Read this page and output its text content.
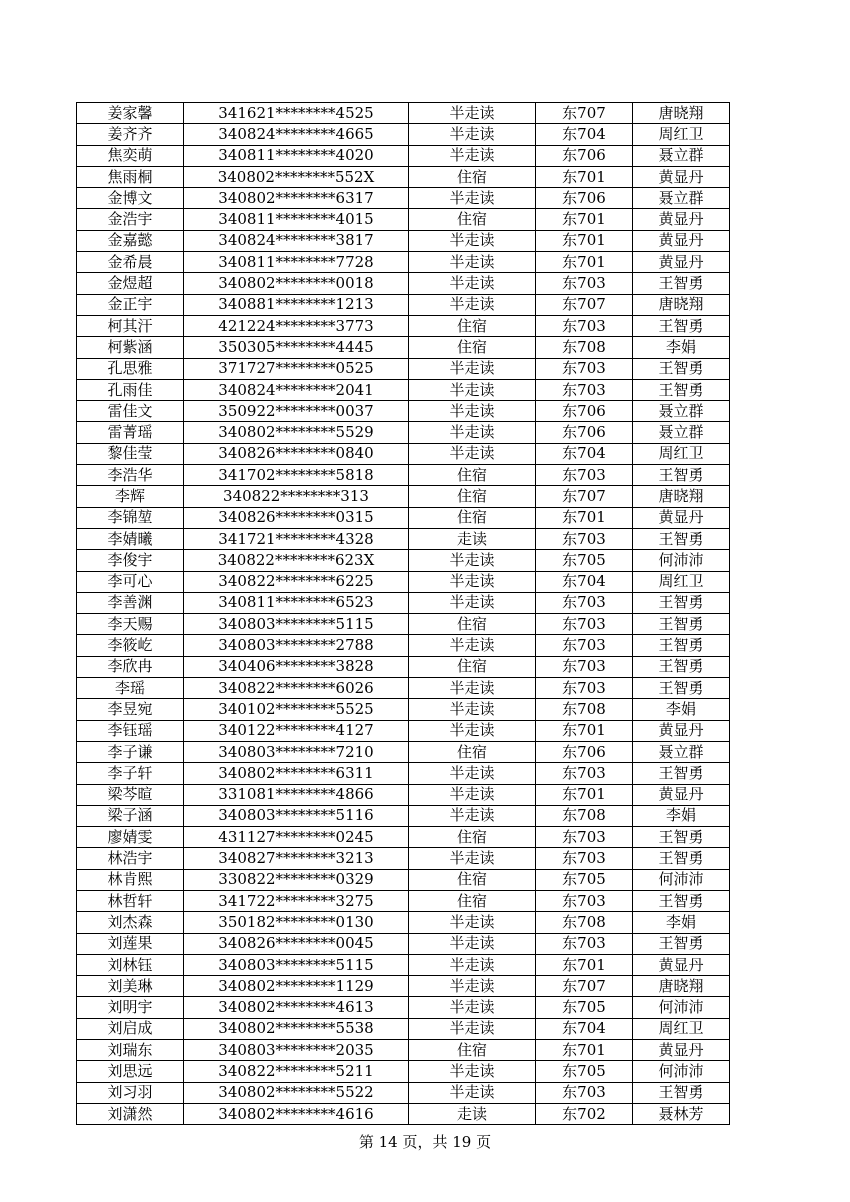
姜家馨	341621********4525	半走读	东707	唐晓翔
姜齐齐	340824********4665	半走读	东704	周红卫
焦奕萌	340811********4020	半走读	东706	聂立群
焦雨桐	340802********552X	住宿	东701	黄显丹
金博文	340802********6317	半走读	东706	聂立群
金浩宇	340811********4015	住宿	东701	黄显丹
金嘉懿	340824********3817	半走读	东701	黄显丹
金希晨	340811********7728	半走读	东701	黄显丹
金煜超	340802********0018	半走读	东703	王智勇
金正宇	340881********1213	半走读	东707	唐晓翔
柯其汗	421224********3773	住宿	东703	王智勇
柯紫涵	350305********4445	住宿	东708	李娟
孔思雅	371727********0525	半走读	东703	王智勇
孔雨佳	340824********2041	半走读	东703	王智勇
雷佳文	350922********0037	半走读	东706	聂立群
雷菁瑶	340802********5529	半走读	东706	聂立群
黎佳莹	340826********0840	半走读	东704	周红卫
李浩华	341702********5818	住宿	东703	王智勇
李辉	340822********313	住宿	东707	唐晓翔
李锦堃	340826********0315	住宿	东701	黄显丹
李婧曦	341721********4328	走读	东703	王智勇
李俊宇	340822********623X	半走读	东705	何沛沛
李可心	340822********6225	半走读	东704	周红卫
李善渊	340811********6523	半走读	东703	王智勇
李天赐	340803********5115	住宿	东703	王智勇
李筱屹	340803********2788	半走读	东703	王智勇
李欣冉	340406********3828	住宿	东703	王智勇
李瑶	340822********6026	半走读	东703	王智勇
李昱宛	340102********5525	半走读	东708	李娟
李钰瑶	340122********4127	半走读	东701	黄显丹
李子谦	340803********7210	住宿	东706	聂立群
李子轩	340802********6311	半走读	东703	王智勇
梁芩暄	331081********4866	半走读	东701	黄显丹
梁子涵	340803********5116	半走读	东708	李娟
廖婧雯	431127********0245	住宿	东703	王智勇
林浩宇	340827********3213	半走读	东703	王智勇
林肯熙	330822********0329	住宿	东705	何沛沛
林哲轩	341722********3275	住宿	东703	王智勇
刘杰森	350182********0130	半走读	东708	李娟
刘莲果	340826********0045	半走读	东703	王智勇
刘林钰	340803********5115	半走读	东701	黄显丹
刘美琳	340802********1129	半走读	东707	唐晓翔
刘明宇	340802********4613	半走读	东705	何沛沛
刘启成	340802********5538	半走读	东704	周红卫
刘瑞东	340803********2035	住宿	东701	黄显丹
刘思远	340822********5211	半走读	东705	何沛沛
刘习羽	340802********5522	半走读	东703	王智勇
刘潇然	340802********4616	走读	东702	聂林芳
第 14 页，共 19 页
